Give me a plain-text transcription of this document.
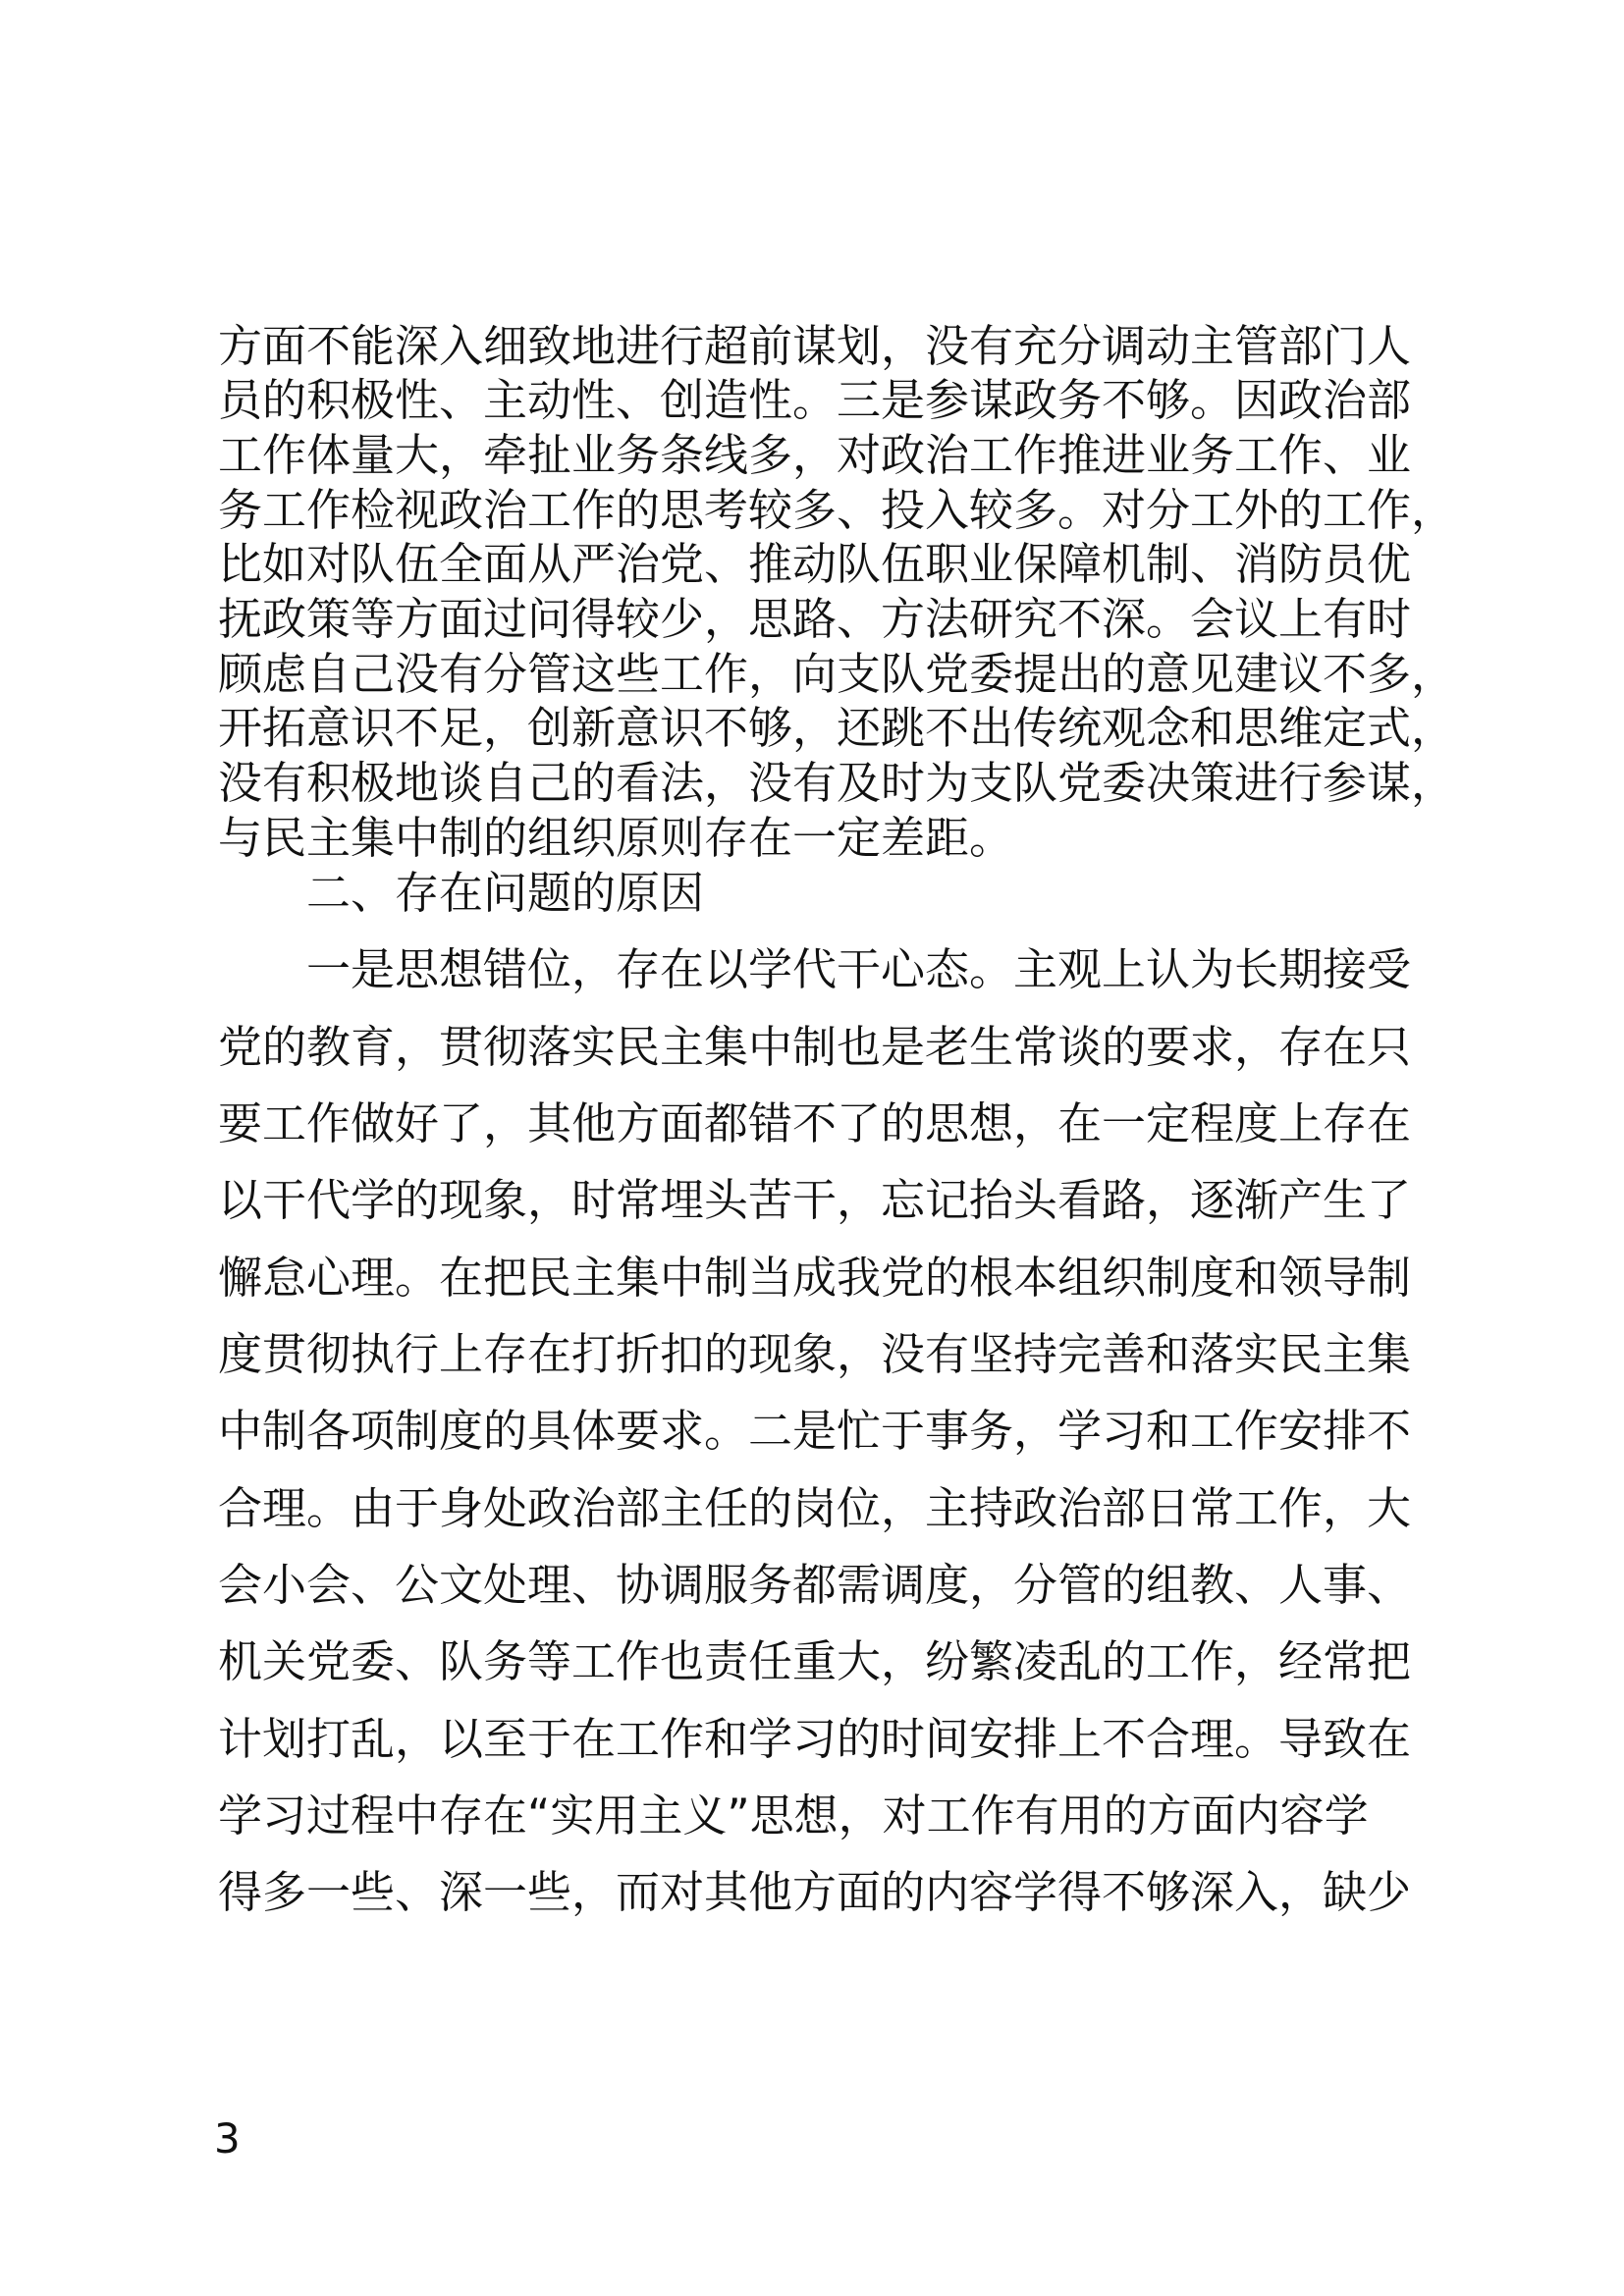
方面不能深入细致地进行超前谋划，没有充分调动主管部门人
员的积极性、主动性、创造性。三是参谋政务不够。因政治部
工作体量大，牵扯业务条线多，对政治工作推进业务工作、业
务工作检视政治工作的思考较多、投入较多。对分工外的工作，
比如对队伍全面从严治党、推动队伍职业保障机制、消防员优
抚政策等方面过问得较少，思路、方法研究不深。会议上有时
顾虑自己没有分管这些工作，向支队党委提出的意见建议不多，
开拓意识不足，创新意识不够，还跳不出传统观念和思维定式，
没有积极地谈自己的看法，没有及时为支队党委决策进行参谋，
与民主集中制的组织原则存在一定差距。
二、存在问题的原因
一是思想错位，存在以学代干心态。主观上认为长期接受
党的教育，贯彻落实民主集中制也是老生常谈的要求，存在只
要工作做好了，其他方面都错不了的思想，在一定程度上存在
以干代学的现象，时常埋头苦干，忘记抬头看路，逐渐产生了
懈怠心理。在把民主集中制当成我党的根本组织制度和领导制
度贯彻执行上存在打折扣的现象，没有坚持完善和落实民主集
中制各项制度的具体要求。二是忙于事务，学习和工作安排不
合理。由于身处政治部主任的岗位，主持政治部日常工作，大
会小会、公文处理、协调服务都需调度，分管的组教、人事、
机关党委、队务等工作也责任重大，纷繁凌乱的工作，经常把
计划打乱，以至于在工作和学习的时间安排上不合理。导致在
学习过程中存在“实用主义”思想，对工作有用的方面内容学
得多一些、深一些，而对其他方面的内容学得不够深入，缺少
3
